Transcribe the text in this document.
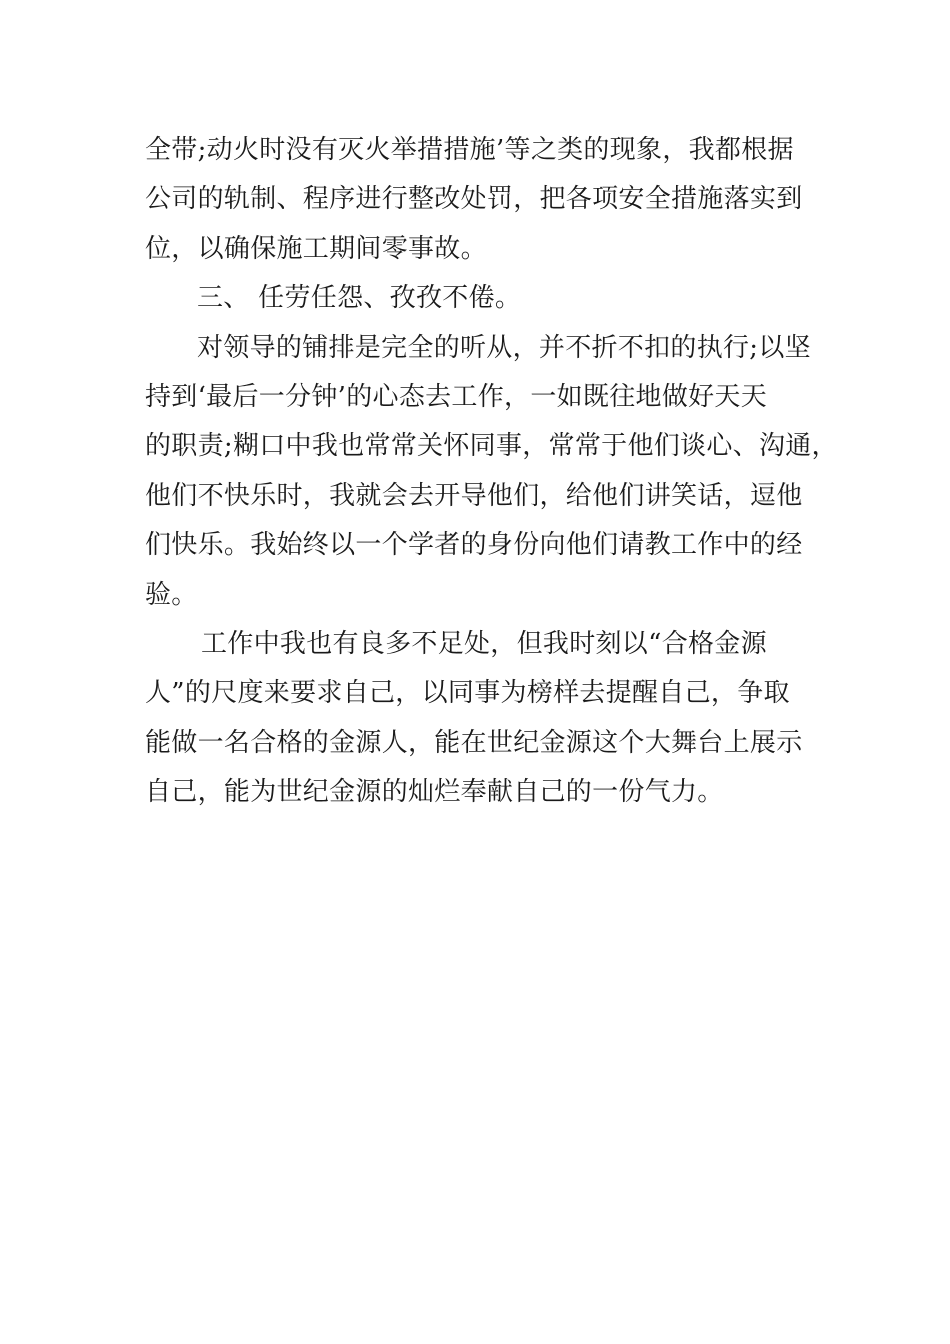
全带;动火时没有灭火举措措施’等之类的现象，我都根据
公司的轨制、程序进行整改处罚，把各项安全措施落实到
位，以确保施工期间零事故。
三、 任劳任怨、孜孜不倦。
对领导的铺排是完全的听从，并不折不扣的执行;以坚
持到‘最后一分钟’的心态去工作，一如既往地做好天天
的职责;糊口中我也常常关怀同事，常常于他们谈心、沟通，
他们不快乐时，我就会去开导他们，给他们讲笑话，逗他
们快乐。我始终以一个学者的身份向他们请教工作中的经
验。
工作中我也有良多不足处，但我时刻以“合格金源
人”的尺度来要求自己，以同事为榜样去提醒自己，争取
能做一名合格的金源人，能在世纪金源这个大舞台上展示
自己，能为世纪金源的灿烂奉献自己的一份气力。
